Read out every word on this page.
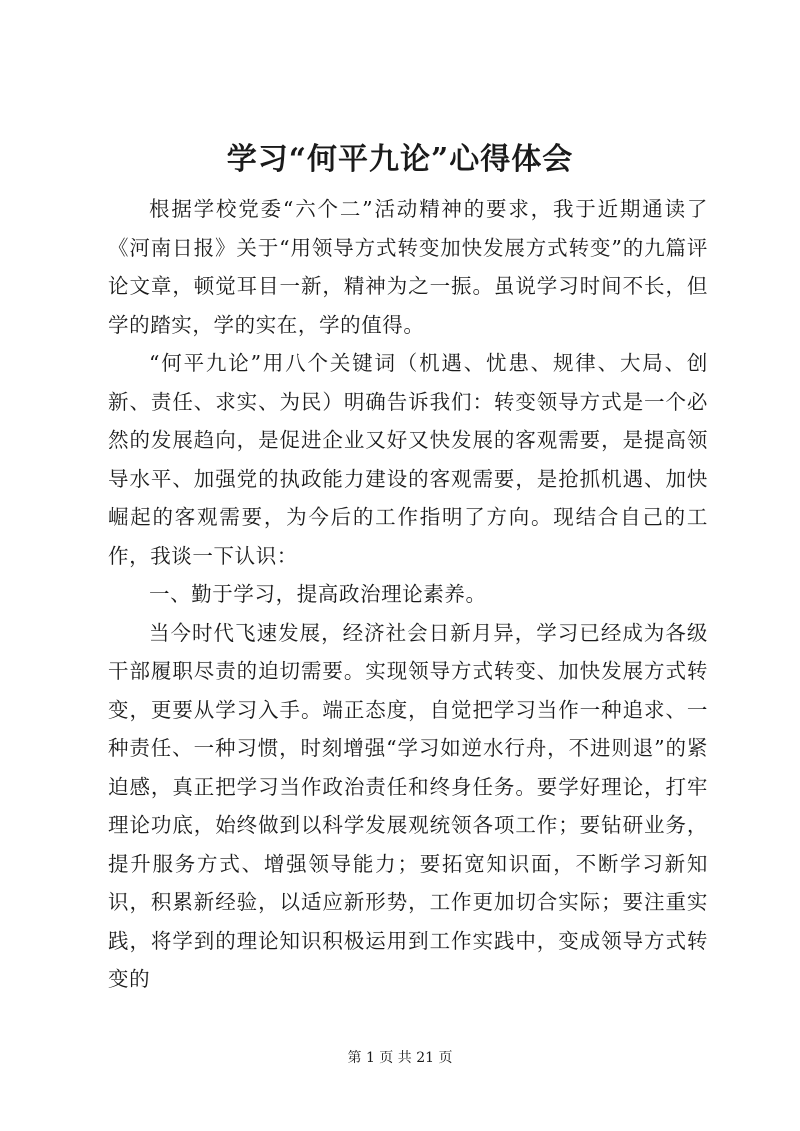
学习“何平九论”心得体会

根据学校党委“六个二”活动精神的要求，我于近期通读了《河南日报》关于“用领导方式转变加快发展方式转变”的九篇评论文章，顿觉耳目一新，精神为之一振。虽说学习时间不长，但学的踏实，学的实在，学的值得。

“何平九论”用八个关键词（机遇、忧患、规律、大局、创新、责任、求实、为民）明确告诉我们：转变领导方式是一个必然的发展趋向，是促进企业又好又快发展的客观需要，是提高领导水平、加强党的执政能力建设的客观需要，是抢抓机遇、加快崛起的客观需要，为今后的工作指明了方向。现结合自己的工作，我谈一下认识：

一、勤于学习，提高政治理论素养。

当今时代飞速发展，经济社会日新月异，学习已经成为各级干部履职尽责的迫切需要。实现领导方式转变、加快发展方式转变，更要从学习入手。端正态度，自觉把学习当作一种追求、一种责任、一种习惯，时刻增强“学习如逆水行舟，不进则退”的紧迫感，真正把学习当作政治责任和终身任务。要学好理论，打牢理论功底，始终做到以科学发展观统领各项工作；要钻研业务，提升服务方式、增强领导能力；要拓宽知识面，不断学习新知识，积累新经验，以适应新形势，工作更加切合实际；要注重实践，将学到的理论知识积极运用到工作实践中，变成领导方式转变的

第 1 页 共 21 页
